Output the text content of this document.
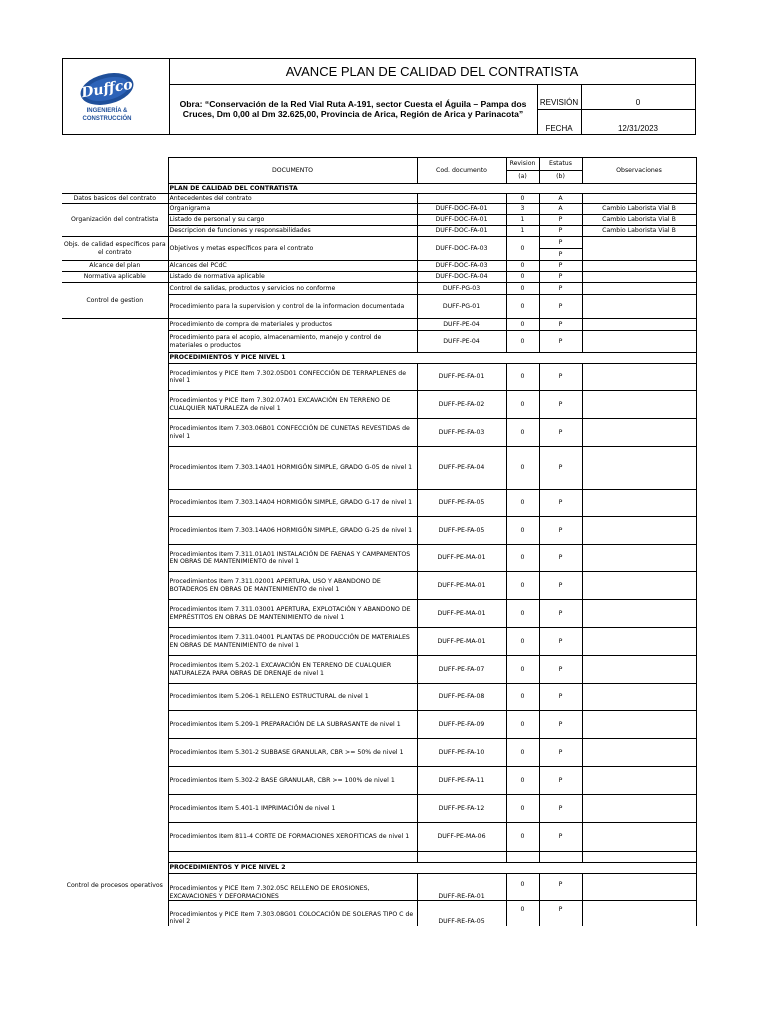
Duffco
INGENIERÍA &
CONSTRUCCIÓN
AVANCE PLAN DE CALIDAD DEL CONTRATISTA
Obra: “Conservación de la Red Vial Ruta A-191, sector Cuesta el Águila – Pampa dos Cruces, Dm 0,00 al Dm 32.625,00, Provincia de Arica, Región de Arica y Parinacota”
REVISIÓN	0
FECHA	12/31/2023
	DOCUMENTO	Cod. documento	Revision	Estatus	Observaciones
			(a)	(b)	
	PLAN DE CALIDAD DEL CONTRATISTA				
Datos basicos del contrato	Antecedentes del contrato		0	A	
Organización del contratista	Organigrama	DUFF-DOC-FA-01	3	A	Cambio Laborista Vial B
	Listado de personal y su cargo	DUFF-DOC-FA-01	1	P	Cambio Laborista Vial B
	Descripcion de funciones y responsabilidades	DUFF-DOC-FA-01	1	P	Cambio Laborista Vial B
Objs. de calidad específicos para el contrato	Objetivos y metas específicos para el contrato	DUFF-DOC-FA-03	0	P	
				P	
Alcance del plan	Alcances del PCdC	DUFF-DOC-FA-03	0	P	
Normativa aplicable	Listado de normativa aplicable	DUFF-DOC-FA-04	0	P	
Control de gestion	Control de salidas, productos y servicios no conforme	DUFF-PG-03	0	P	
	Procedimiento para la supervision y control de la informacion documentada	DUFF-PG-01	0	P	

Control de procesos operativos	Procedimiento de compra de materiales y productos	DUFF-PE-04	0	P	
	Procedimiento para el acopio, almacenamiento, manejo y control de materiales o productos	DUFF-PE-04	0	P	
	PROCEDIMIENTOS Y PICE NIVEL 1				
	Procedimientos y PICE Item 7.302.05D01 CONFECCIÓN DE TERRAPLENES de nivel 1	DUFF-PE-FA-01	0	P	
	Procedimientos y PICE Item 7.302.07A01 EXCAVACIÓN EN TERRENO DE CUALQUIER NATURALEZA de nivel 1	DUFF-PE-FA-02	0	P	
	Procedimientos Item 7.303.06B01 CONFECCIÓN DE CUNETAS REVESTIDAS de nivel 1	DUFF-PE-FA-03	0	P	
	Procedimientos Item 7.303.14A01 HORMIGÓN SIMPLE, GRADO G-05 de nivel 1	DUFF-PE-FA-04	0	P	
	Procedimientos Item 7.303.14A04 HORMIGÓN SIMPLE, GRADO G-17 de nivel 1	DUFF-PE-FA-05	0	P	
	Procedimientos Item 7.303.14A06 HORMIGÓN SIMPLE, GRADO G-25 de nivel 1	DUFF-PE-FA-05	0	P	
	Procedimientos Item 7.311.01A01 INSTALACIÓN DE FAENAS Y CAMPAMENTOS EN OBRAS DE MANTENIMIENTO de nivel 1	DUFF-PE-MA-01	0	P	
	Procedimientos Item 7.311.02001 APERTURA, USO Y ABANDONO DE BOTADEROS EN OBRAS DE MANTENIMIENTO de nivel 1	DUFF-PE-MA-01	0	P	
	Procedimientos Item 7.311.03001 APERTURA, EXPLOTACIÓN Y ABANDONO DE EMPRÉSTITOS EN OBRAS DE MANTENIMIENTO de nivel 1	DUFF-PE-MA-01	0	P	
	Procedimientos Item 7.311.04001 PLANTAS DE PRODUCCIÓN DE MATERIALES EN OBRAS DE MANTENIMIENTO de nivel 1	DUFF-PE-MA-01	0	P	
	Procedimientos Item 5.202-1 EXCAVACIÓN EN TERRENO DE CUALQUIER NATURALEZA PARA OBRAS DE DRENAJE de nivel 1	DUFF-PE-FA-07	0	P	
	Procedimientos Item 5.206-1 RELLENO ESTRUCTURAL de nivel 1	DUFF-PE-FA-08	0	P	
	Procedimientos Item 5.209-1 PREPARACIÓN DE LA SUBRASANTE de nivel 1	DUFF-PE-FA-09	0	P	
	Procedimientos Item 5.301-2 SUBBASE GRANULAR, CBR >= 50% de nivel 1	DUFF-PE-FA-10	0	P	
	Procedimientos Item 5.302-2 BASE GRANULAR, CBR >= 100% de nivel 1	DUFF-PE-FA-11	0	P	
	Procedimientos Item 5.401-1 IMPRIMACIÓN de nivel 1	DUFF-PE-FA-12	0	P	
	Procedimientos Item 811-4 CORTE DE FORMACIONES XEROFITICAS de nivel 1	DUFF-PE-MA-06	0	P	

	PROCEDIMIENTOS Y PICE NIVEL 2				
	Procedimientos y PICE Item 7.302.05C RELLENO DE EROSIONES, EXCAVACIONES Y DEFORMACIONES	DUFF-RE-FA-01	0	P	
	Procedimientos y PICE Item 7.303.08G01 COLOCACIÓN DE SOLERAS TIPO C de nivel 2	DUFF-RE-FA-05	0	P	
